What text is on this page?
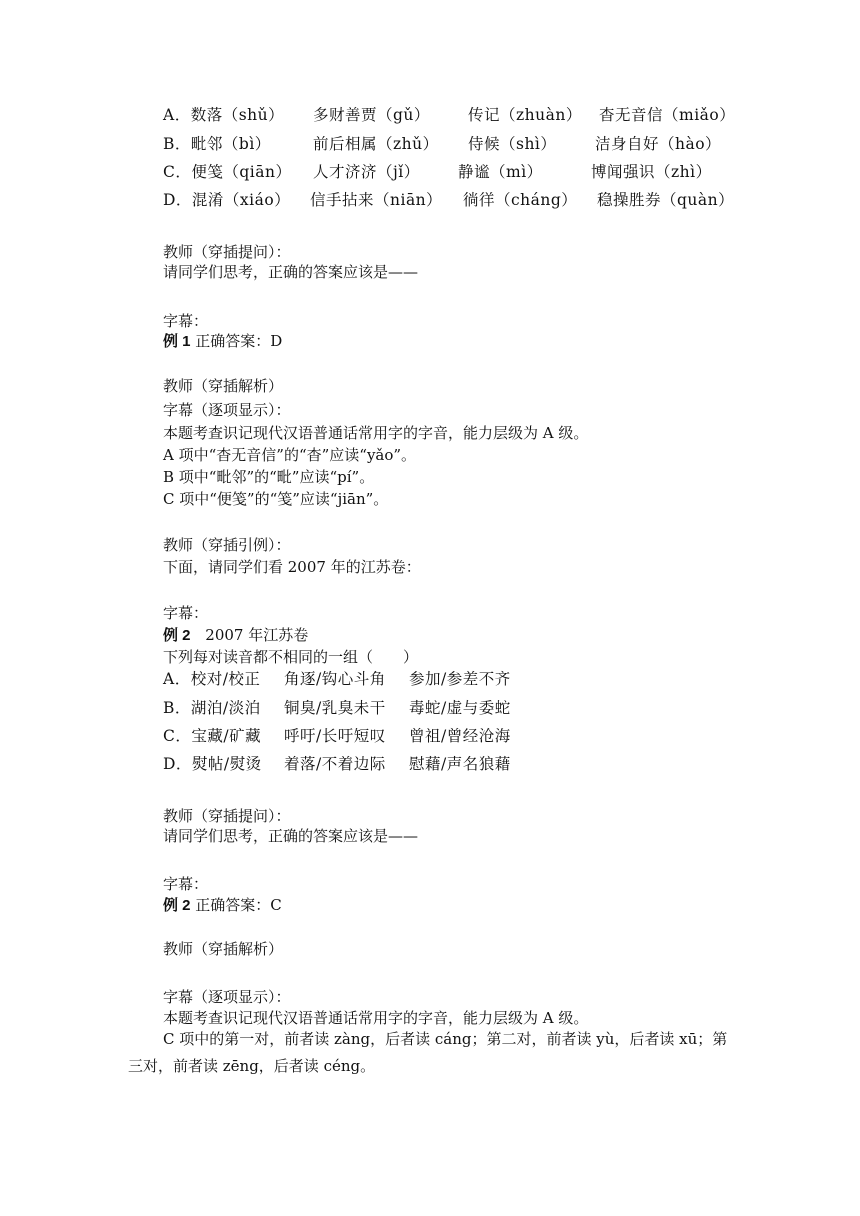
A．数落（shǔ） 多财善贾（gǔ） 传记（zhuàn） 杳无音信（miǎo）
B．毗邻（bì）	前后相属（zhǔ） 侍候（shì） 洁身自好（hào）
C．便笺（qiān） 人才济济（jǐ） 静谧（mì）	博闻强识（zhì）
D．混淆（xiáo） 信手拈来（niān） 徜徉（cháng） 稳操胜券（quàn）
教师（穿插提问）：
请同学们思考，正确的答案应该是——
字幕：
例 1 正确答案：D
教师（穿插解析）
字幕（逐项显示）：
本题考查识记现代汉语普通话常用字的字音，能力层级为 A 级。
A 项中“杳无音信”的“杳”应读“yǎo”。
B 项中“毗邻”的“毗”应读“pí”。
C 项中“便笺”的“笺”应读“jiān”。
教师（穿插引例）：
下面，请同学们看 2007 年的江苏卷：
字幕：
例 2 2007 年江苏卷
下列每对读音都不相同的一组（　　）
A．校对/校正 角逐/钩心斗角 参加/参差不齐
B．湖泊/淡泊 铜臭/乳臭未干 毒蛇/虚与委蛇
C．宝藏/矿藏 呼吁/长吁短叹 曾祖/曾经沧海
D．熨帖/熨烫 着落/不着边际 慰藉/声名狼藉
教师（穿插提问）：
请同学们思考，正确的答案应该是——
字幕：
例 2 正确答案：C
教师（穿插解析）
字幕（逐项显示）：
本题考查识记现代汉语普通话常用字的字音，能力层级为 A 级。
C 项中的第一对，前者读 zàng，后者读 cáng；第二对，前者读 yù，后者读 xū；第三对，前者读 zēng，后者读 céng。
